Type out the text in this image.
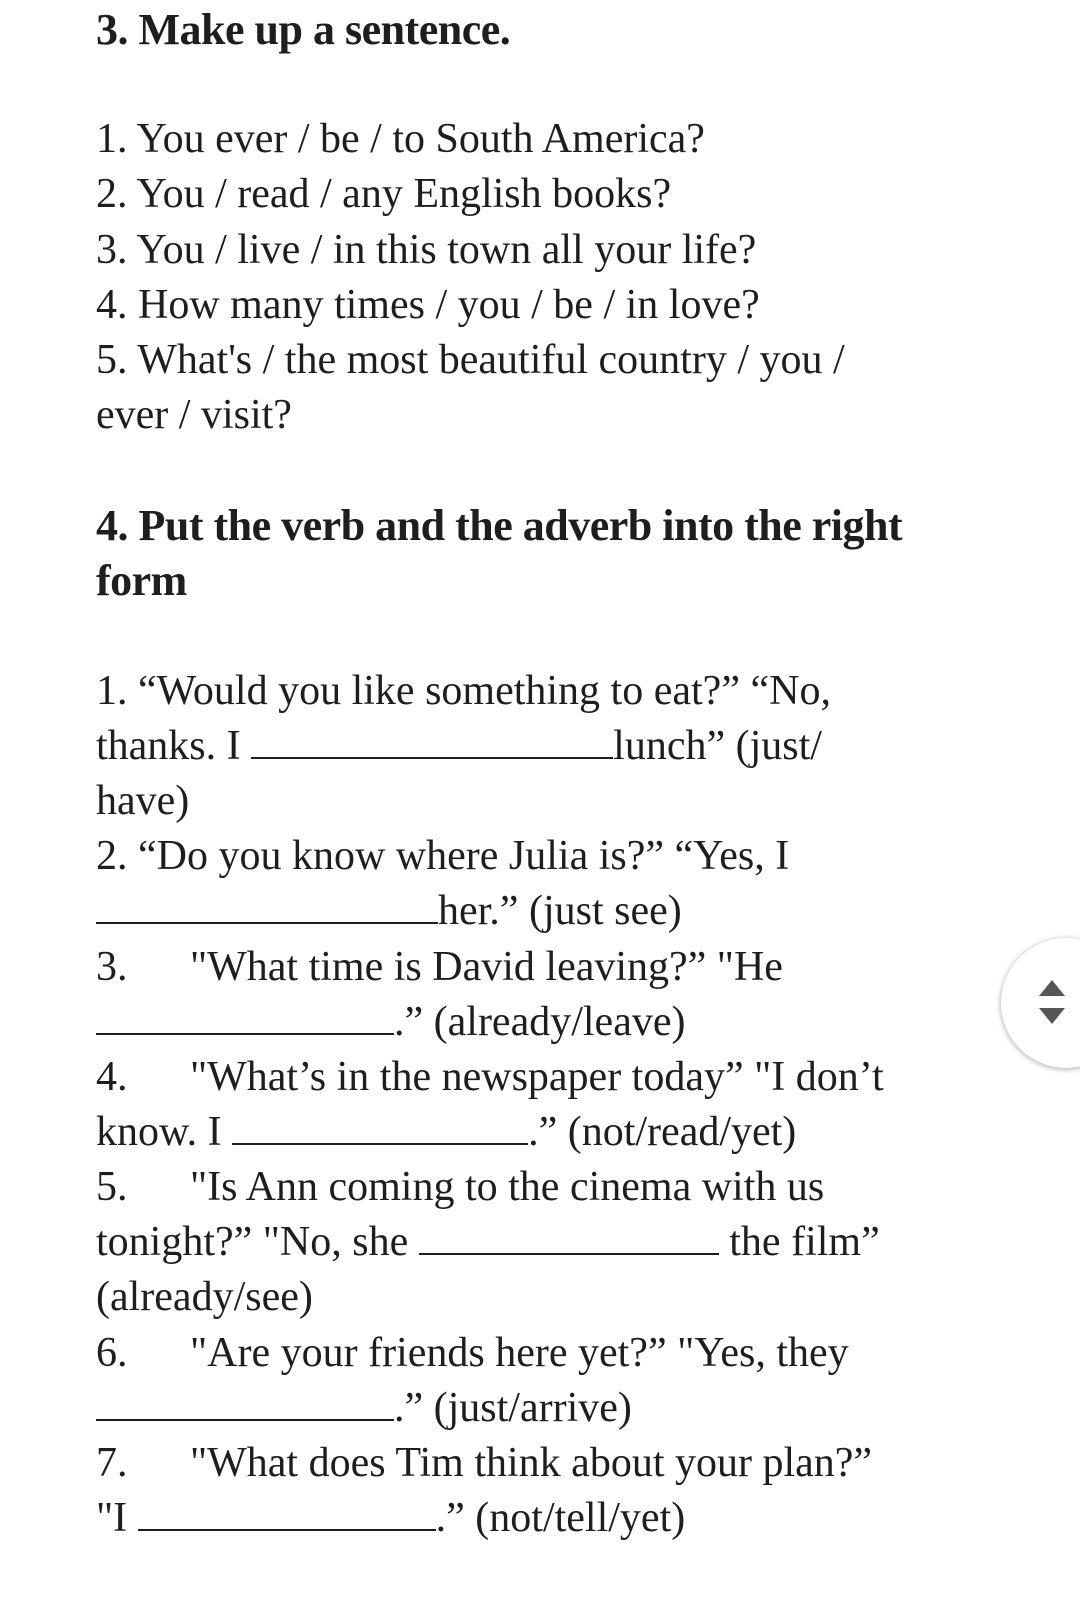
3. Make up a sentence.
1. You ever / be / to South America?
2. You / read / any English books?
3. You / live / in this town all your life?
4. How many times / you / be / in love?
5. What's / the most beautiful country / you /
ever / visit?
4. Put the verb and the adverb into the right
form
1. “Would you like something to eat?” “No,
thanks. I	lunch” (just/
have)
2. “Do you know where Julia is?” “Yes, I
her.” (just see)
3. "What time is David leaving?” "He
.” (already/leave)
4. "What’s in the newspaper today” "I don’t
know. I	.” (not/read/yet)
5. "Is Ann coming to the cinema with us
tonight?” "No, she	the film”
(already/see)
6. "Are your friends here yet?” "Yes, they
.” (just/arrive)
7. "What does Tim think about your plan?”
"I	.” (not/tell/yet)
